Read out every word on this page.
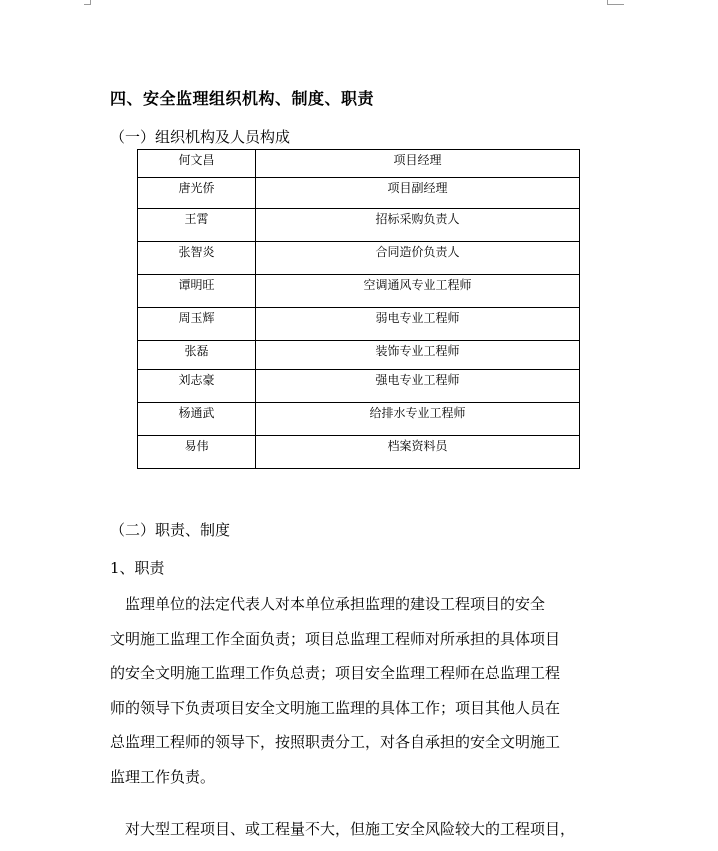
四、安全监理组织机构、制度、职责
（一）组织机构及人员构成
何文昌	项目经理
唐光侨	项目副经理
王霄	招标采购负责人
张智炎	合同造价负责人
谭明旺	空调通风专业工程师
周玉辉	弱电专业工程师
张磊	装饰专业工程师
刘志豪	强电专业工程师
杨通武	给排水专业工程师
易伟	档案资料员
（二）职责、制度
1、职责
　监理单位的法定代表人对本单位承担监理的建设工程项目的安全
文明施工监理工作全面负责；项目总监理工程师对所承担的具体项目
的安全文明施工监理工作负总责；项目安全监理工程师在总监理工程
师的领导下负责项目安全文明施工监理的具体工作；项目其他人员在
总监理工程师的领导下，按照职责分工，对各自承担的安全文明施工
监理工作负责。
　对大型工程项目、或工程量不大，但施工安全风险较大的工程项目，
